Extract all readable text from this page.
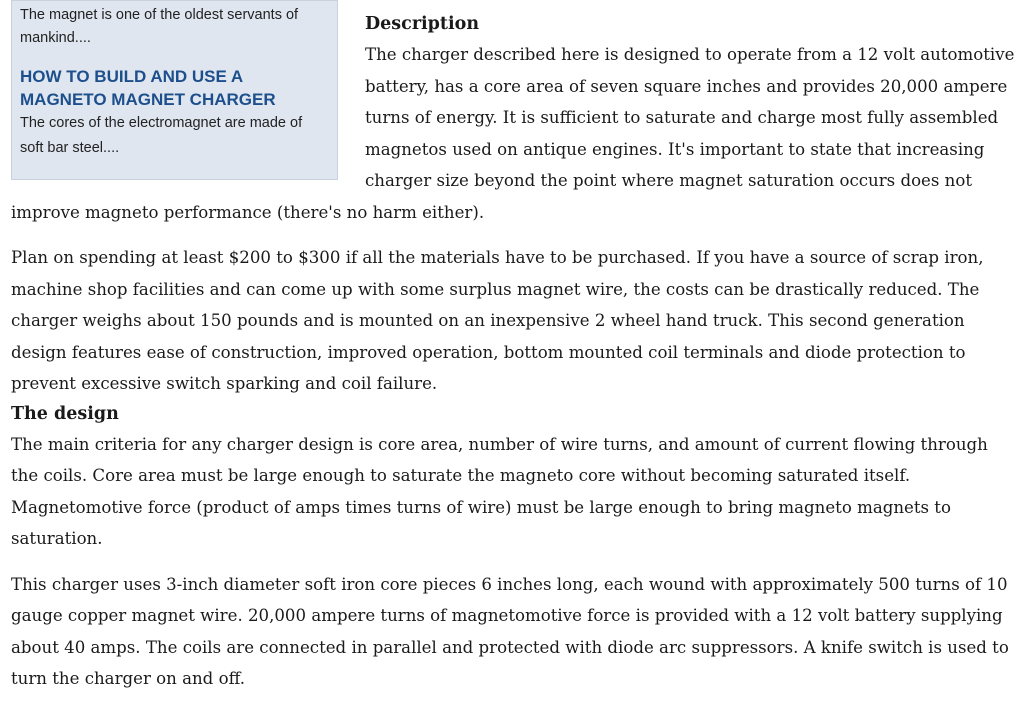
The magnet is one of the oldest servants of mankind....

HOW TO BUILD AND USE A MAGNETO MAGNET CHARGER

The cores of the electromagnet are made of soft bar steel....

Description

The charger described here is designed to operate from a 12 volt automotive battery, has a core area of seven square inches and provides 20,000 ampere turns of energy. It is sufficient to saturate and charge most fully assembled magnetos used on antique engines. It's important to state that increasing charger size beyond the point where magnet saturation occurs does not improve magneto performance (there's no harm either).

Plan on spending at least $200 to $300 if all the materials have to be purchased. If you have a source of scrap iron, machine shop facilities and can come up with some surplus magnet wire, the costs can be drastically reduced. The charger weighs about 150 pounds and is mounted on an inexpensive 2 wheel hand truck. This second generation design features ease of construction, improved operation, bottom mounted coil terminals and diode protection to prevent excessive switch sparking and coil failure.

The design

The main criteria for any charger design is core area, number of wire turns, and amount of current flowing through the coils. Core area must be large enough to saturate the magneto core without becoming saturated itself. Magnetomotive force (product of amps times turns of wire) must be large enough to bring magneto magnets to saturation.

This charger uses 3-inch diameter soft iron core pieces 6 inches long, each wound with approximately 500 turns of 10 gauge copper magnet wire. 20,000 ampere turns of magnetomotive force is provided with a 12 volt battery supplying about 40 amps. The coils are connected in parallel and protected with diode arc suppressors. A knife switch is used to turn the charger on and off.
